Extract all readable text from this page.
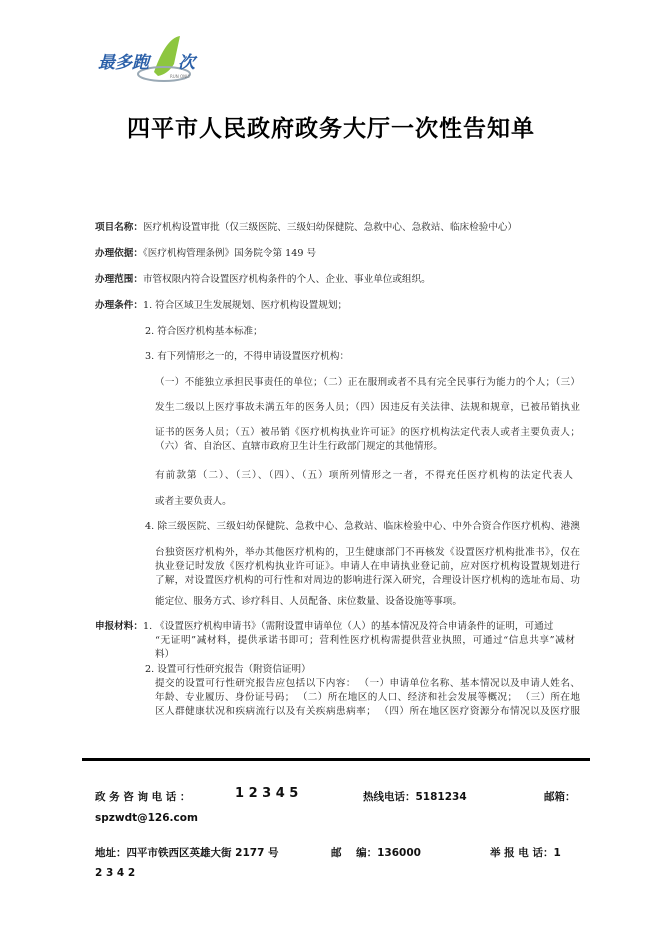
最多跑 次
RUN ONLY
四平市人民政府政务大厅一次性告知单
项目名称：医疗机构设置审批（仅三级医院、三级妇幼保健院、急救中心、急救站、临床检验中心）
办理依据：《医疗机构管理条例》国务院令第 149 号
办理范围：市管权限内符合设置医疗机构条件的个人、企业、事业单位或组织。
办理条件：1. 符合区域卫生发展规划、医疗机构设置规划；
2. 符合医疗机构基本标准；
3. 有下列情形之一的，不得申请设置医疗机构：
（一）不能独立承担民事责任的单位；（二）正在服刑或者不具有完全民事行为能力的个人；（三）
发生二级以上医疗事故未满五年的医务人员；（四）因违反有关法律、法规和规章，已被吊销执业
证书的医务人员；（五）被吊销《医疗机构执业许可证》的医疗机构法定代表人或者主要负责人；
（六）省、自治区、直辖市政府卫生计生行政部门规定的其他情形。
有前款第（二）、（三）、（四）、（五）项所列情形之一者，不得充任医疗机构的法定代表人
或者主要负责人。
4. 除三级医院、三级妇幼保健院、急救中心、急救站、临床检验中心、中外合资合作医疗机构、港澳
台独资医疗机构外，举办其他医疗机构的，卫生健康部门不再核发《设置医疗机构批准书》，仅在
执业登记时发放《医疗机构执业许可证》。申请人在申请执业登记前，应对医疗机构设置规划进行
了解，对设置医疗机构的可行性和对周边的影响进行深入研究，合理设计医疗机构的选址布局、功
能定位、服务方式、诊疗科目、人员配备、床位数量、设备设施等事项。
申报材料：1. 《设置医疗机构申请书》（需附设置申请单位（人）的基本情况及符合申请条件的证明，可通过
“无证明”减材料，提供承诺书即可；营利性医疗机构需提供营业执照，可通过“信息共享”减材
料）
2. 设置可行性研究报告（附资信证明）
提交的设置可行性研究报告应包括以下内容： （一）申请单位名称、基本情况以及申请人姓名、
年龄、专业履历、身份证号码； （二）所在地区的人口、经济和社会发展等概况； （三）所在地
区人群健康状况和疾病流行以及有关疾病患病率； （四）所在地区医疗资源分布情况以及医疗服
政 务 咨 询 电 话 ：	1 2 3 4 5	热线电话：5181234	邮箱：
spzwdt@126.com
地址：四平市铁西区英雄大街 2177 号	邮    编：136000	举 报 电 话：1
2 3 4 2
